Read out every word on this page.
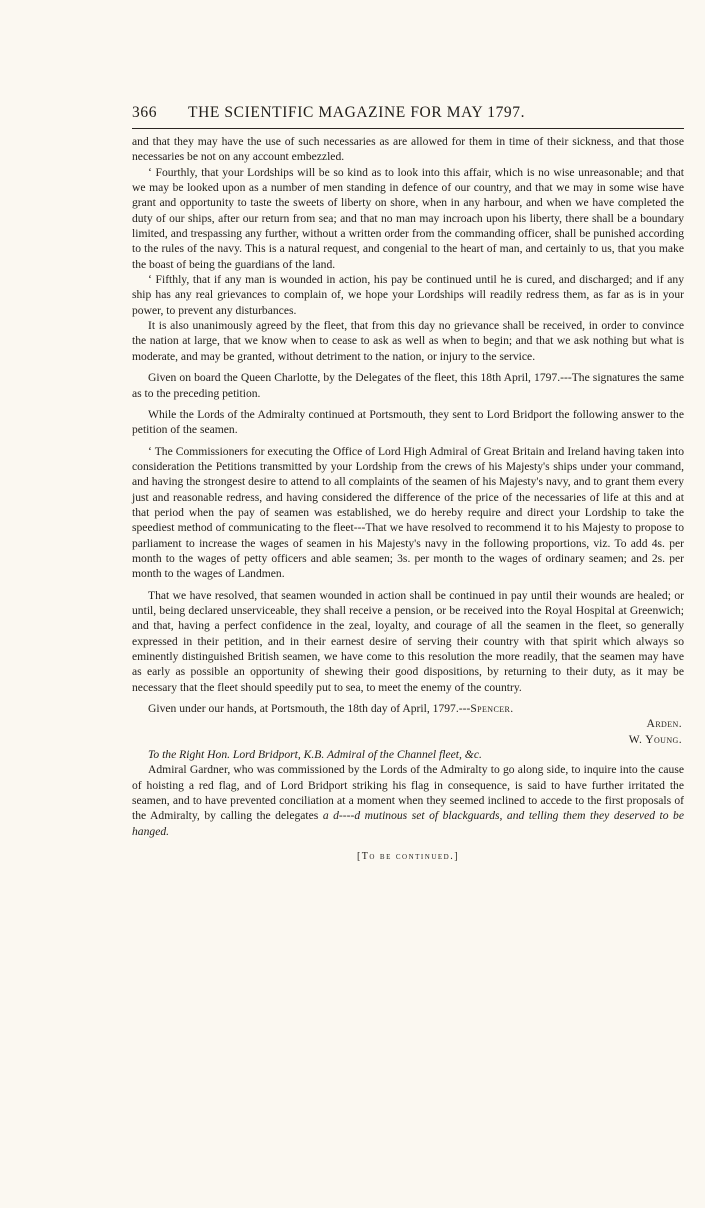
366 THE SCIENTIFIC MAGAZINE FOR MAY 1797.

and that they may have the use of such necessaries as are allowed for them in time of their sickness, and that those necessaries be not on any account embezzled.

‘ Fourthly, that your Lordships will be so kind as to look into this affair, which is no wise unreasonable; and that we may be looked upon as a number of men standing in defence of our country, and that we may in some wise have grant and opportunity to taste the sweets of liberty on shore, when in any harbour, and when we have completed the duty of our ships, after our return from sea; and that no man may incroach upon his liberty, there shall be a boundary limited, and trespassing any further, without a written order from the commanding officer, shall be punished according to the rules of the navy. This is a natural request, and congenial to the heart of man, and certainly to us, that you make the boast of being the guardians of the land.

‘ Fifthly, that if any man is wounded in action, his pay be continued until he is cured, and discharged; and if any ship has any real grievances to complain of, we hope your Lordships will readily redress them, as far as is in your power, to prevent any disturbances.

It is also unanimously agreed by the fleet, that from this day no grievance shall be received, in order to convince the nation at large, that we know when to cease to ask as well as when to begin; and that we ask nothing but what is moderate, and may be granted, without detriment to the nation, or injury to the service.

Given on board the Queen Charlotte, by the Delegates of the fleet, this 18th April, 1797.---The signatures the same as to the preceding petition.

While the Lords of the Admiralty continued at Portsmouth, they sent to Lord Bridport the following answer to the petition of the seamen.

‘ The Commissioners for executing the Office of Lord High Admiral of Great Britain and Ireland having taken into consideration the Petitions transmitted by your Lordship from the crews of his Majesty's ships under your command, and having the strongest desire to attend to all complaints of the seamen of his Majesty's navy, and to grant them every just and reasonable redress, and having considered the difference of the price of the necessaries of life at this and at that period when the pay of seamen was established, we do hereby require and direct your Lordship to take the speediest method of communicating to the fleet---That we have resolved to recommend it to his Majesty to propose to parliament to increase the wages of seamen in his Majesty's navy in the following proportions, viz. To add 4s. per month to the wages of petty officers and able seamen; 3s. per month to the wages of ordinary seamen; and 2s. per month to the wages of Landmen.

That we have resolved, that seamen wounded in action shall be continued in pay until their wounds are healed; or until, being declared unserviceable, they shall receive a pension, or be received into the Royal Hospital at Greenwich; and that, having a perfect confidence in the zeal, loyalty, and courage of all the seamen in the fleet, so generally expressed in their petition, and in their earnest desire of serving their country with that spirit which always so eminently distinguished British seamen, we have come to this resolution the more readily, that the seamen may have as early as possible an opportunity of shewing their good dispositions, by returning to their duty, as it may be necessary that the fleet should speedily put to sea, to meet the enemy of the country.

Given under our hands, at Portsmouth, the 18th day of April, 1797.---Spencer.

Arden.

W. Young.

To the Right Hon. Lord Bridport, K.B. Admiral of the Channel fleet, &c.

Admiral Gardner, who was commissioned by the Lords of the Admiralty to go along side, to inquire into the cause of hoisting a red flag, and of Lord Bridport striking his flag in consequence, is said to have further irritated the seamen, and to have prevented conciliation at a moment when they seemed inclined to accede to the first proposals of the Admiralty, by calling the delegates a d----d mutinous set of blackguards, and telling them they deserved to be hanged.

[To be continued.]
